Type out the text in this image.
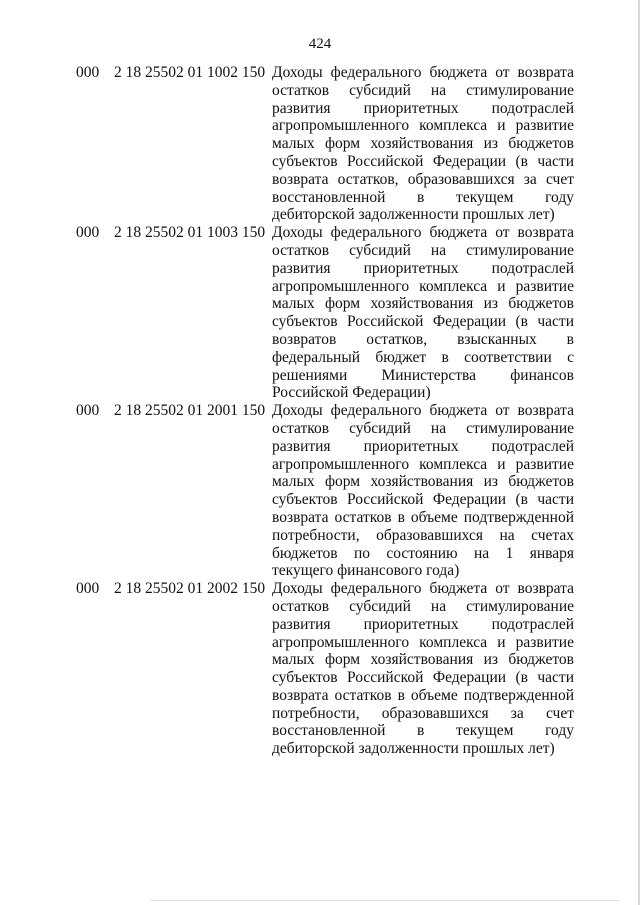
424
000 2 18 25502 01 1002 150 Доходы федерального бюджета от возврата остатков субсидий на стимулирование развития приоритетных подотраслей агропромышленного комплекса и развитие малых форм хозяйствования из бюджетов субъектов Российской Федерации (в части возврата остатков, образовавшихся за счет восстановленной в текущем году дебиторской задолженности прошлых лет)
000 2 18 25502 01 1003 150 Доходы федерального бюджета от возврата остатков субсидий на стимулирование развития приоритетных подотраслей агропромышленного комплекса и развитие малых форм хозяйствования из бюджетов субъектов Российской Федерации (в части возвратов остатков, взысканных в федеральный бюджет в соответствии с решениями Министерства финансов Российской Федерации)
000 2 18 25502 01 2001 150 Доходы федерального бюджета от возврата остатков субсидий на стимулирование развития приоритетных подотраслей агропромышленного комплекса и развитие малых форм хозяйствования из бюджетов субъектов Российской Федерации (в части возврата остатков в объеме подтвержденной потребности, образовавшихся на счетах бюджетов по состоянию на 1 января текущего финансового года)
000 2 18 25502 01 2002 150 Доходы федерального бюджета от возврата остатков субсидий на стимулирование развития приоритетных подотраслей агропромышленного комплекса и развитие малых форм хозяйствования из бюджетов субъектов Российской Федерации (в части возврата остатков в объеме подтвержденной потребности, образовавшихся за счет восстановленной в текущем году дебиторской задолженности прошлых лет)
